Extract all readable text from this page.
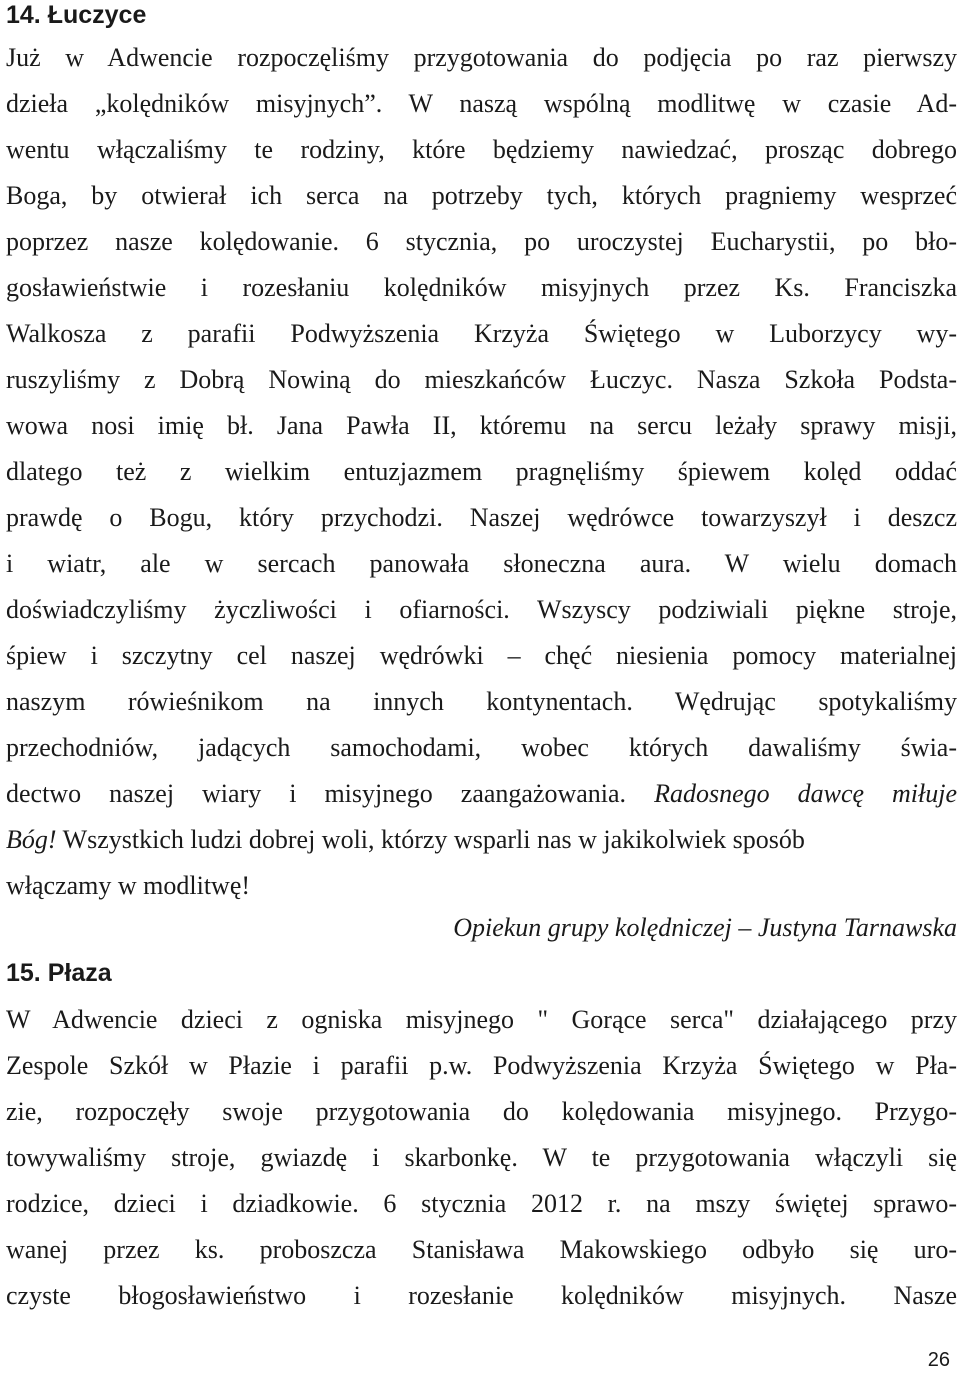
14. Łuczyce
Już w Adwencie rozpoczęliśmy przygotowania do podjęcia po raz pierwszy
dzieła „kolędników misyjnych”. W naszą wspólną modlitwę w czasie Ad-
wentu włączaliśmy te rodziny, które będziemy nawiedzać, prosząc dobrego
Boga, by otwierał ich serca na potrzeby tych, których pragniemy wesprzeć
poprzez nasze kolędowanie. 6 stycznia, po uroczystej Eucharystii, po bło-
gosławieństwie i rozesłaniu kolędników misyjnych przez Ks. Franciszka
Walkosza z parafii Podwyższenia Krzyża Świętego w Luborzycy wy-
ruszyliśmy z Dobrą Nowiną do mieszkańców Łuczyc. Nasza Szkoła Podsta-
wowa nosi imię bł. Jana Pawła II, któremu na sercu leżały sprawy misji,
dlatego też z wielkim entuzjazmem pragnęliśmy śpiewem kolęd oddać
prawdę o Bogu, który przychodzi. Naszej wędrówce towarzyszył i deszcz
i wiatr, ale w sercach panowała słoneczna aura. W wielu domach
doświadczyliśmy życzliwości i ofiarności. Wszyscy podziwiali piękne stroje,
śpiew i szczytny cel naszej wędrówki – chęć niesienia pomocy materialnej
naszym rówieśnikom na innych kontynentach. Wędrując spotykaliśmy
przechodniów, jadących samochodami, wobec których dawaliśmy świa-
dectwo naszej wiary i misyjnego zaangażowania. Radosnego dawcę miłuje
Bóg! Wszystkich ludzi dobrej woli, którzy wsparli nas w jakikolwiek sposób
włączamy w modlitwę!
Opiekun grupy kolędniczej – Justyna Tarnawska
15. Płaza
W Adwencie dzieci z ogniska misyjnego " Gorące serca" działającego przy
Zespole Szkół w Płazie i parafii p.w. Podwyższenia Krzyża Świętego w Pła-
zie, rozpoczęły swoje przygotowania do kolędowania misyjnego. Przygo-
towywaliśmy stroje, gwiazdę i skarbonkę. W te przygotowania włączyli się
rodzice, dzieci i dziadkowie. 6 stycznia 2012 r. na mszy świętej sprawo-
wanej przez ks. proboszcza Stanisława Makowskiego odbyło się uro-
czyste błogosławieństwo i rozesłanie kolędników misyjnych. Nasze
26
